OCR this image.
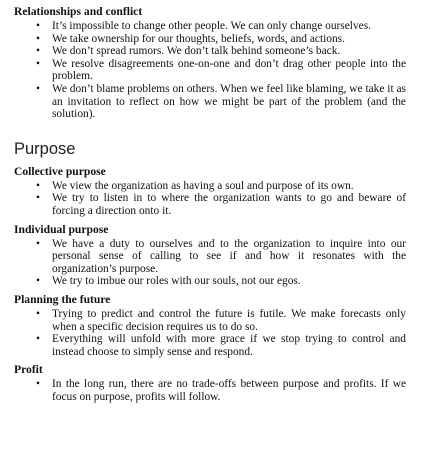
Relationships and conflict
• It’s impossible to change other people. We can only change ourselves.
• We take ownership for our thoughts, beliefs, words, and actions.
• We don’t spread rumors. We don’t talk behind someone’s back.
• We resolve disagreements one-on-one and don’t drag other people into the problem.
• We don’t blame problems on others. When we feel like blaming, we take it as an invitation to reflect on how we might be part of the problem (and the solution).
Purpose
Collective purpose
• We view the organization as having a soul and purpose of its own.
• We try to listen in to where the organization wants to go and beware of forcing a direction onto it.
Individual purpose
• We have a duty to ourselves and to the organization to inquire into our personal sense of calling to see if and how it resonates with the organization’s purpose.
• We try to imbue our roles with our souls, not our egos.
Planning the future
• Trying to predict and control the future is futile. We make forecasts only when a specific decision requires us to do so.
• Everything will unfold with more grace if we stop trying to control and instead choose to simply sense and respond.
Profit
• In the long run, there are no trade-offs between purpose and profits. If we focus on purpose, profits will follow.
